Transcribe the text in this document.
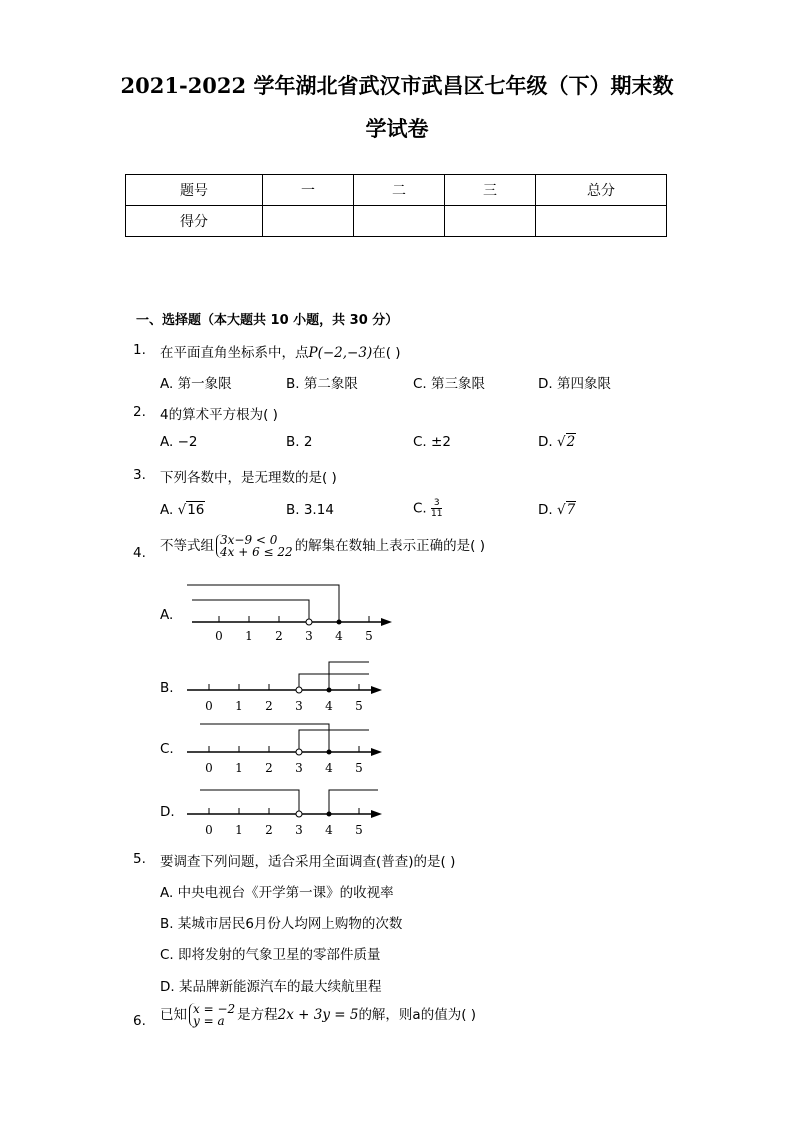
2021-2022 学年湖北省武汉市武昌区七年级（下）期末数
学试卷
题号	一	二	三	总分
得分				
一、选择题（本大题共 10 小题，共 30 分）
1. 在平面直角坐标系中，点P(−2,−3)在( )
A. 第一象限	B. 第二象限	C. 第三象限	D. 第四象限
2. 4的算术平方根为( )
A. −2	B. 2	C. ±2	D. √2
3. 下列各数中，是无理数的是( )
A. √16	B. 3.14	C. $\frac{3}{11}$	D. √7
4. 不等式组 3x−9 < 0
4x + 6 ≤ 22 的解集在数轴上表示正确的是( )
A.
0 1 2 3 4 5
B.
0 1 2 3 4 5
C.
0 1 2 3 4 5
D.
0 1 2 3 4 5
5. 要调查下列问题，适合采用全面调查(普查)的是( )
A. 中央电视台《开学第一课》的收视率
B. 某城市居民6月份人均网上购物的次数
C. 即将发射的气象卫星的零部件质量
D. 某品牌新能源汽车的最大续航里程
6. 已知 x = −2
y = a 是方程2x + 3y = 5的解，则a的值为( )
